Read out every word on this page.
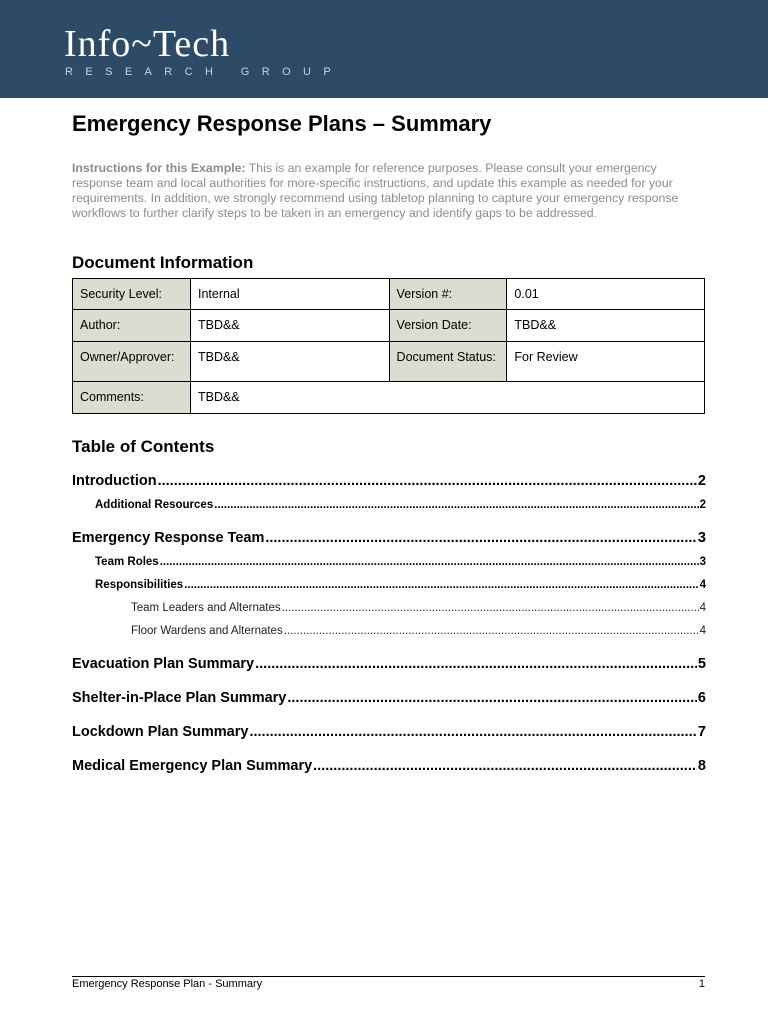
Info~Tech
RESEARCH GROUP
Emergency Response Plans – Summary
Instructions for this Example: This is an example for reference purposes. Please consult your emergency response team and local authorities for more-specific instructions, and update this example as needed for your requirements. In addition, we strongly recommend using tabletop planning to capture your emergency response workflows to further clarify steps to be taken in an emergency and identify gaps to be addressed.
Document Information
Security Level:	Internal	Version #:	0.01

Author:	TBD&&	Version Date:	TBD&&

Owner/Approver:	TBD&&	Document Status:	For Review

Comments:	TBD&&		
Table of Contents
Introduction .....	2
Additional Resources .....	2
Emergency Response Team .....	3
Team Roles .....	3
Responsibilities .....	4
Team Leaders and Alternates .....	4
Floor Wardens and Alternates .....	4
Evacuation Plan Summary .....	5
Shelter-in-Place Plan Summary .....	6
Lockdown Plan Summary .....	7
Medical Emergency Plan Summary .....	8
Emergency Response Plan - Summary	1
